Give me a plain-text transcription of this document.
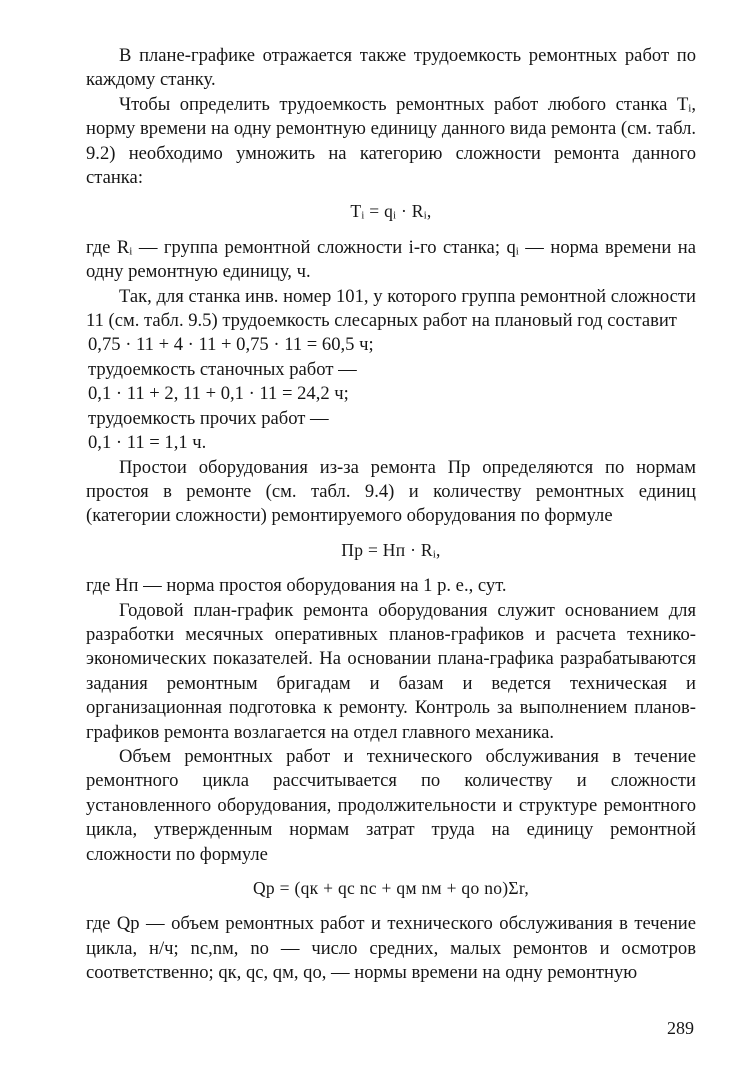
В плане-графике отражается также трудоемкость ремонтных работ по каждому станку.

Чтобы определить трудоемкость ремонтных работ любого станка Tᵢ, норму времени на одну ремонтную единицу данного вида ремонта (см. табл. 9.2) необходимо умножить на категорию сложности ремонта данного станка:

Tᵢ = qᵢ · Rᵢ,

где Rᵢ — группа ремонтной сложности i-го станка; qᵢ — норма времени на одну ремонтную единицу, ч.

Так, для станка инв. номер 101, у которого группа ремонтной сложности 11 (см. табл. 9.5) трудоемкость слесарных работ на плановый год составит

0,75 · 11 + 4 · 11 + 0,75 · 11 = 60,5 ч;
трудоемкость станочных работ —
0,1 · 11 + 2, 11 + 0,1 · 11 = 24,2 ч;
трудоемкость прочих работ —
0,1 · 11 = 1,1 ч.

Простои оборудования из-за ремонта Пр определяются по нормам простоя в ремонте (см. табл. 9.4) и количеству ремонтных единиц (категории сложности) ремонтируемого оборудования по формуле

Пр = Нп · Rᵢ,

где Нп — норма простоя оборудования на 1 р. е., сут.

Годовой план-график ремонта оборудования служит основанием для разработки месячных оперативных планов-графиков и расчета технико-экономических показателей. На основании плана-графика разрабатываются задания ремонтным бригадам и базам и ведется техническая и организационная подготовка к ремонту. Контроль за выполнением планов-графиков ремонта возлагается на отдел главного механика.

Объем ремонтных работ и технического обслуживания в течение ремонтного цикла рассчитывается по количеству и сложности установленного оборудования, продолжительности и структуре ремонтного цикла, утвержденным нормам затрат труда на единицу ремонтной сложности по формуле

Qр = (qк + qс nс + qм nм + qо nо)Σr,

где Qр — объем ремонтных работ и технического обслуживания в течение цикла, н/ч; nс,nм, nо — число средних, малых ремонтов и осмотров соответственно; qк, qс, qм, qо, — нормы времени на одну ремонтную

289
